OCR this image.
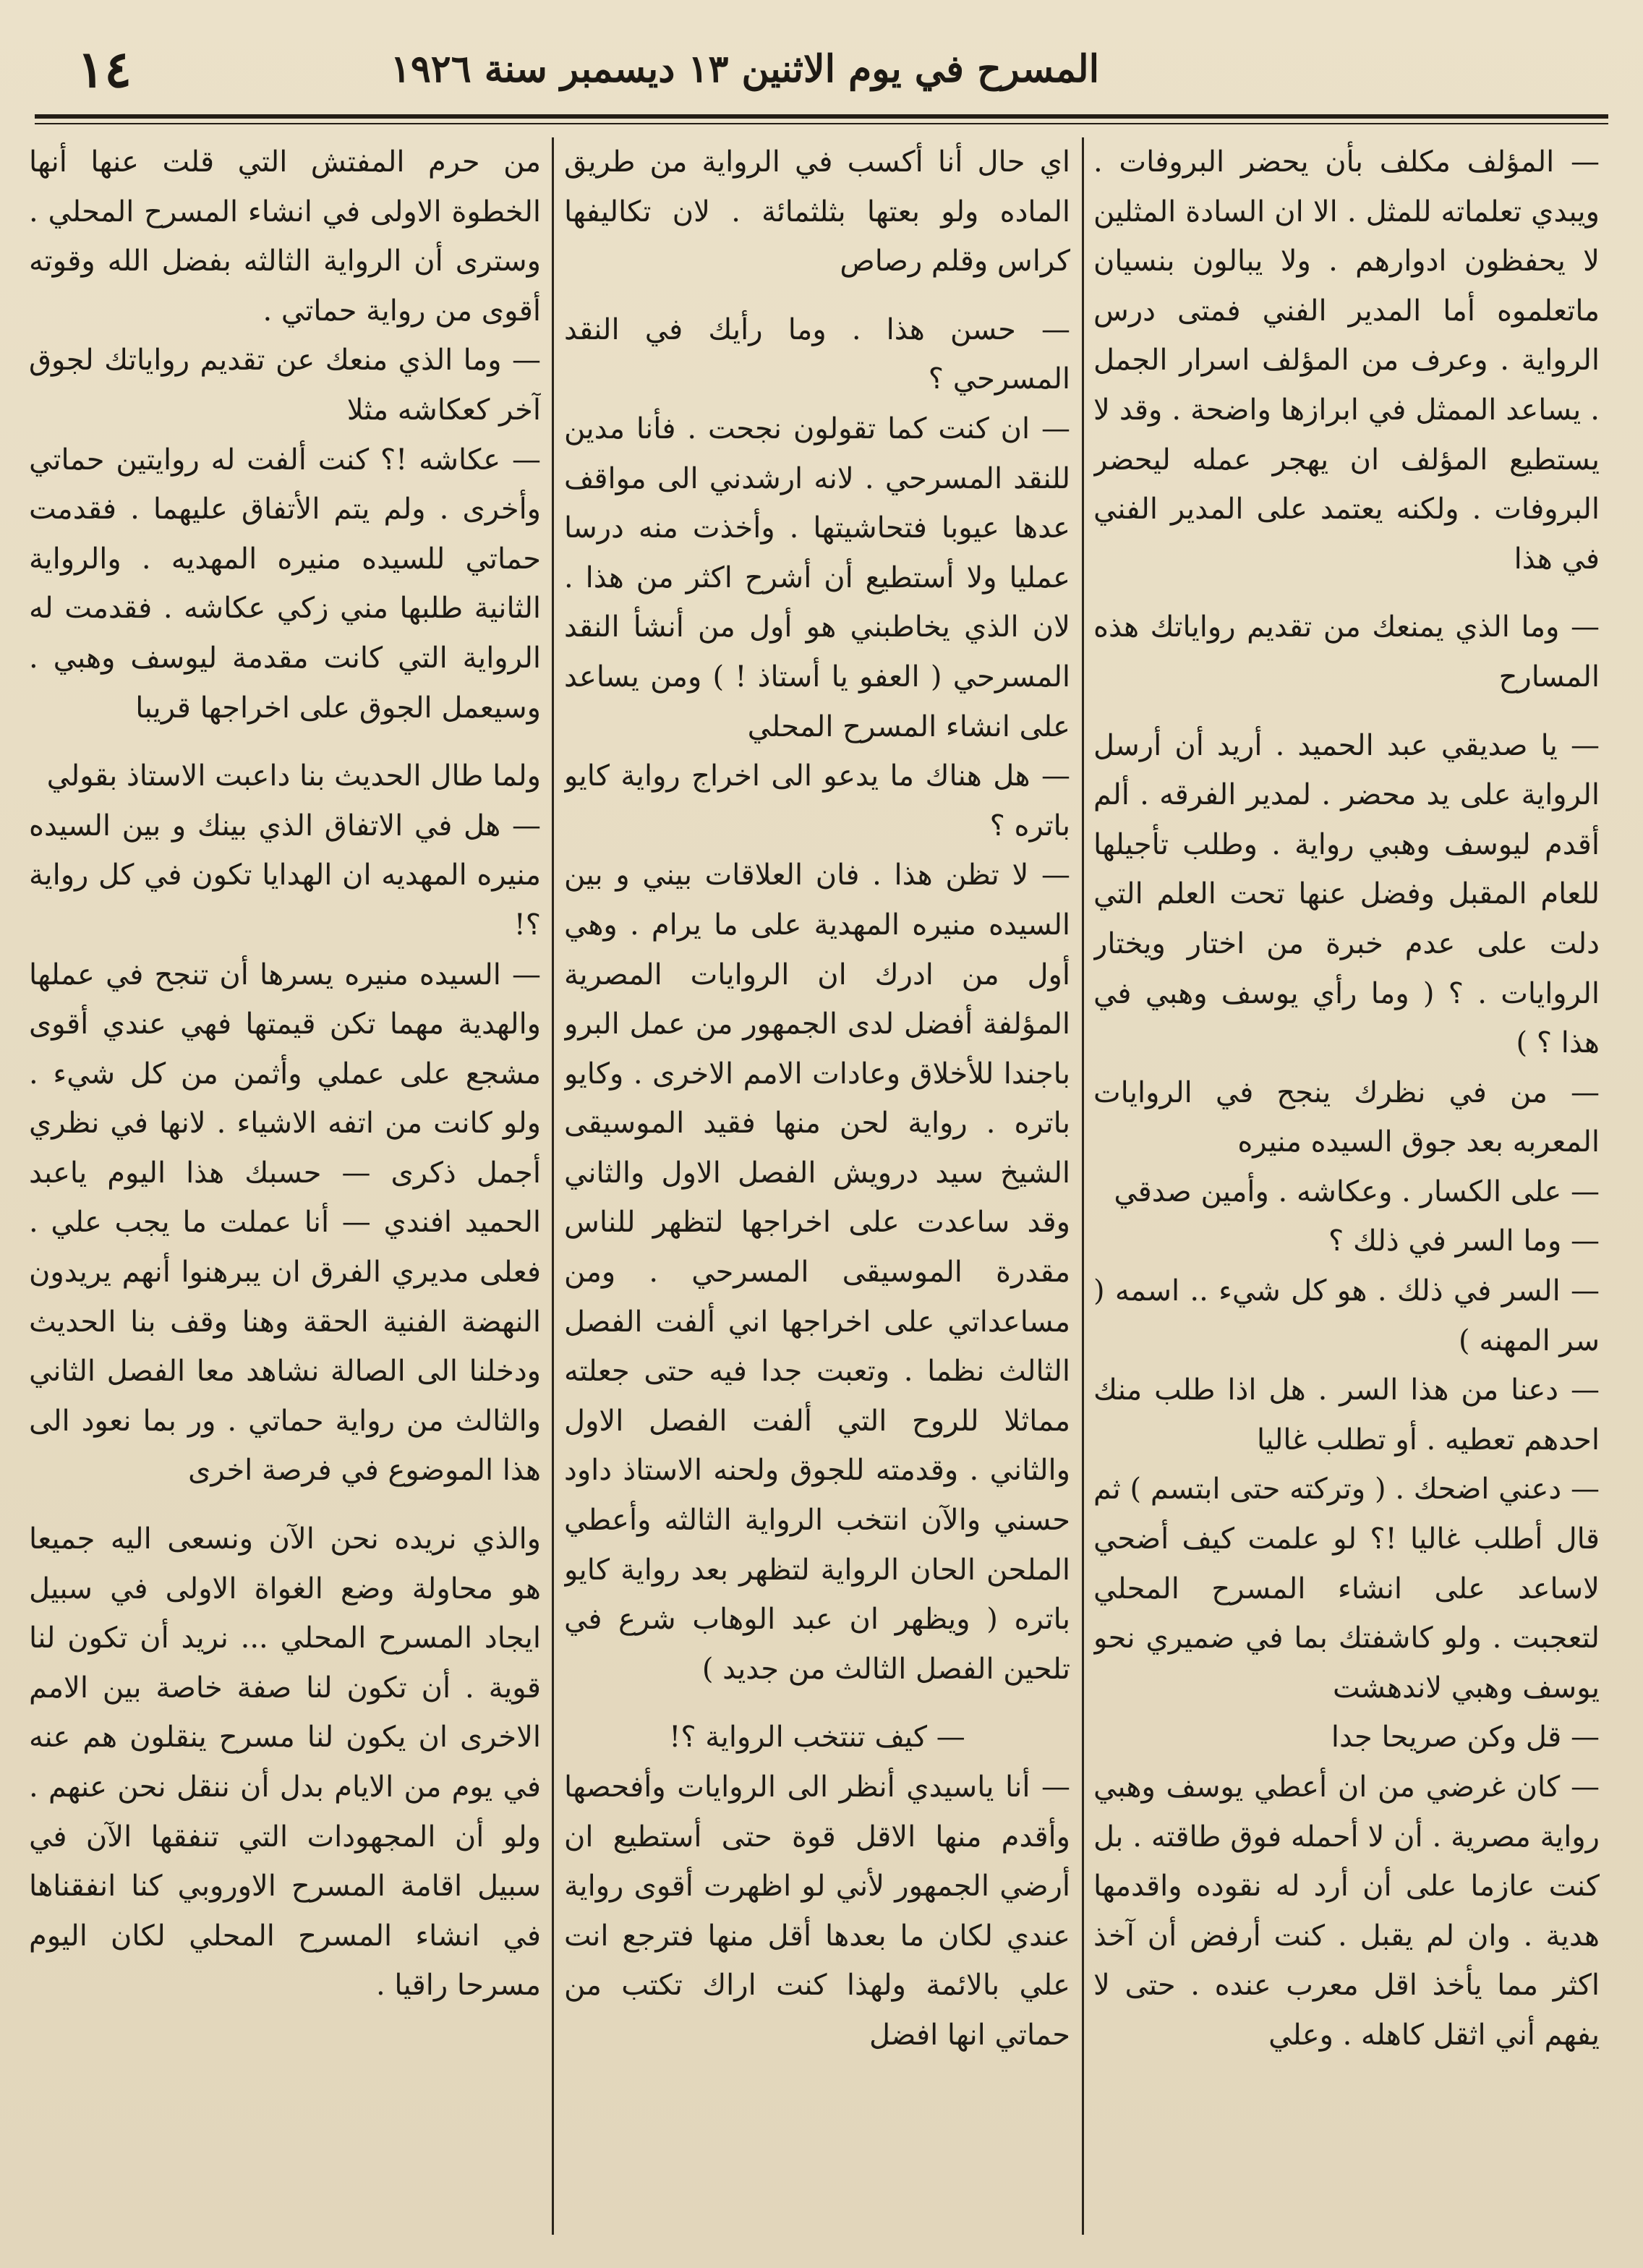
١٤	المسرح في يوم الاثنين ١٣ ديسمبر سنة ١٩٢٦

— المؤلف مكلف بأن يحضر البروفات . ويبدي تعلماته للمثل . الا ان السادة المثلين لا يحفظون ادوارهم . ولا يبالون بنسيان ماتعلموه أما المدير الفني فمتى درس الرواية . وعرف من المؤلف اسرار الجمل . يساعد الممثل في ابرازها واضحة . وقد لا يستطيع المؤلف ان يهجر عمله ليحضر البروفات . ولكنه يعتمد على المدير الفني في هذا

— وما الذي يمنعك من تقديم رواياتك هذه المسارح

— يا صديقي عبد الحميد . أريد أن أرسل الرواية على يد محضر . لمدير الفرقه . ألم أقدم ليوسف وهبي رواية . وطلب تأجيلها للعام المقبل وفضل عنها تحت العلم التي دلت على عدم خبرة من اختار ويختار الروايات . ؟ ( وما رأي يوسف وهبي في هذا ؟ )

— من في نظرك ينجح في الروايات المعربه بعد جوق السيده منيره

— على الكسار . وعكاشه . وأمين صدقي

— وما السر في ذلك ؟

— السر في ذلك . هو كل شيء .. اسمه ( سر المهنه )

— دعنا من هذا السر . هل اذا طلب منك احدهم تعطيه . أو تطلب غاليا

— دعني اضحك . ( وتركته حتى ابتسم ) ثم قال أطلب غاليا !؟ لو علمت كيف أضحي لاساعد على انشاء المسرح المحلي لتعجبت . ولو كاشفتك بما في ضميري نحو يوسف وهبي لاندهشت

— قل وكن صريحا جدا

— كان غرضي من ان أعطي يوسف وهبي رواية مصرية . أن لا أحمله فوق طاقته . بل كنت عازما على أن أرد له نقوده واقدمها هدية . وان لم يقبل . كنت أرفض أن آخذ اكثر مما يأخذ اقل معرب عنده . حتى لا يفهم أني اثقل كاهله . وعلي

اي حال أنا أكسب في الرواية من طريق الماده ولو بعتها بثلثمائة . لان تكاليفها كراس وقلم رصاص

— حسن هذا . وما رأيك في النقد المسرحي ؟

— ان كنت كما تقولون نجحت . فأنا مدين للنقد المسرحي . لانه ارشدني الى مواقف عدها عيوبا فتحاشيتها . وأخذت منه درسا عمليا ولا أستطيع أن أشرح اكثر من هذا . لان الذي يخاطبني هو أول من أنشأ النقد المسرحي ( العفو يا أستاذ ! ) ومن يساعد على انشاء المسرح المحلي

— هل هناك ما يدعو الى اخراج رواية كايو باتره ؟

— لا تظن هذا . فان العلاقات بيني و بين السيده منيره المهدية على ما يرام . وهي أول من ادرك ان الروايات المصرية المؤلفة أفضل لدى الجمهور من عمل البرو باجندا للأخلاق وعادات الامم الاخرى . وكايو باتره . رواية لحن منها فقيد الموسيقى الشيخ سيد درويش الفصل الاول والثاني وقد ساعدت على اخراجها لتظهر للناس مقدرة الموسيقى المسرحي . ومن مساعداتي على اخراجها اني ألفت الفصل الثالث نظما . وتعبت جدا فيه حتى جعلته مماثلا للروح التي ألفت الفصل الاول والثاني . وقدمته للجوق ولحنه الاستاذ داود حسني والآن انتخب الرواية الثالثه وأعطي الملحن الحان الرواية لتظهر بعد رواية كايو باتره ( ويظهر ان عبد الوهاب شرع في تلحين الفصل الثالث من جديد )

— كيف تنتخب الرواية ؟!

— أنا ياسيدي أنظر الى الروايات وأفحصها وأقدم منها الاقل قوة حتى أستطيع ان أرضي الجمهور لأني لو اظهرت أقوى رواية عندي لكان ما بعدها أقل منها فترجع انت علي بالائمة ولهذا كنت اراك تكتب من حماتي انها افضل

من حرم المفتش التي قلت عنها أنها الخطوة الاولى في انشاء المسرح المحلي . وسترى أن الرواية الثالثه بفضل الله وقوته أقوى من رواية حماتي .

— وما الذي منعك عن تقديم رواياتك لجوق آخر كعكاشه مثلا

— عكاشه !؟ كنت ألفت له روايتين حماتي وأخرى . ولم يتم الأتفاق عليهما . فقدمت حماتي للسيده منيره المهديه . والرواية الثانية طلبها مني زكي عكاشه . فقدمت له الرواية التي كانت مقدمة ليوسف وهبي . وسيعمل الجوق على اخراجها قريبا

ولما طال الحديث بنا داعبت الاستاذ بقولي

— هل في الاتفاق الذي بينك و بين السيده منيره المهديه ان الهدايا تكون في كل رواية ؟!

— السيده منيره يسرها أن تنجح في عملها والهدية مهما تكن قيمتها فهي عندي أقوى مشجع على عملي وأثمن من كل شيء . ولو كانت من اتفه الاشياء . لانها في نظري أجمل ذكرى — حسبك هذا اليوم ياعبد الحميد افندي — أنا عملت ما يجب علي . فعلى مديري الفرق ان يبرهنوا أنهم يريدون النهضة الفنية الحقة وهنا وقف بنا الحديث ودخلنا الى الصالة نشاهد معا الفصل الثاني والثالث من رواية حماتي . ور بما نعود الى هذا الموضوع في فرصة اخرى

والذي نريده نحن الآن ونسعى اليه جميعا هو محاولة وضع الغواة الاولى في سبيل ايجاد المسرح المحلي ... نريد أن تكون لنا قوية . أن تكون لنا صفة خاصة بين الامم الاخرى ان يكون لنا مسرح ينقلون هم عنه في يوم من الايام بدل أن ننقل نحن عنهم . ولو أن المجهودات التي تنفقها الآن في سبيل اقامة المسرح الاوروبي كنا انفقناها في انشاء المسرح المحلي لكان اليوم مسرحا راقيا .
